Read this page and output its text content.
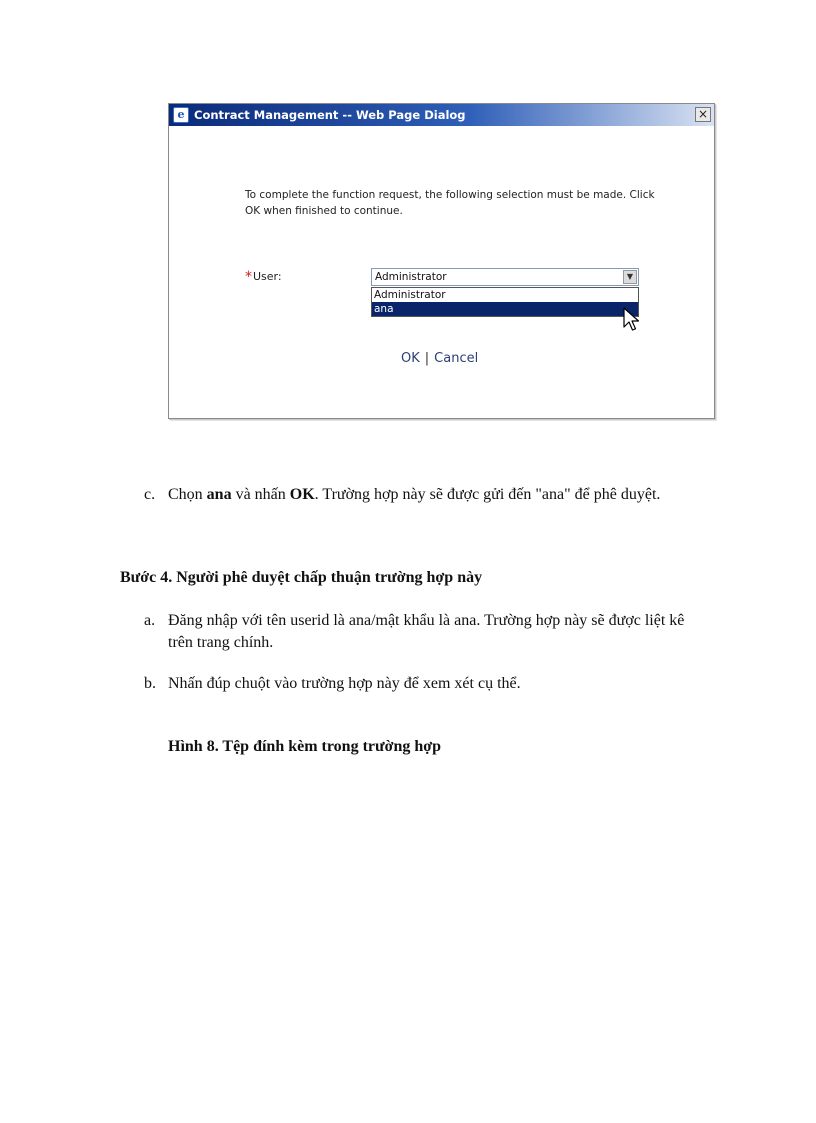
e Contract Management -- Web Page Dialog	×
To complete the function request, the following selection must be made. Click OK when finished to continue.
*User:	Administrator	▼
Administrator
ana
OK | Cancel
c. Chọn ana và nhấn OK. Trường hợp này sẽ được gửi đến "ana" để phê duyệt.
Bước 4. Người phê duyệt chấp thuận trường hợp này
a. Đăng nhập với tên userid là ana/mật khẩu là ana. Trường hợp này sẽ được liệt kê trên trang chính.
b. Nhấn đúp chuột vào trường hợp này để xem xét cụ thể.
Hình 8. Tệp đính kèm trong trường hợp
